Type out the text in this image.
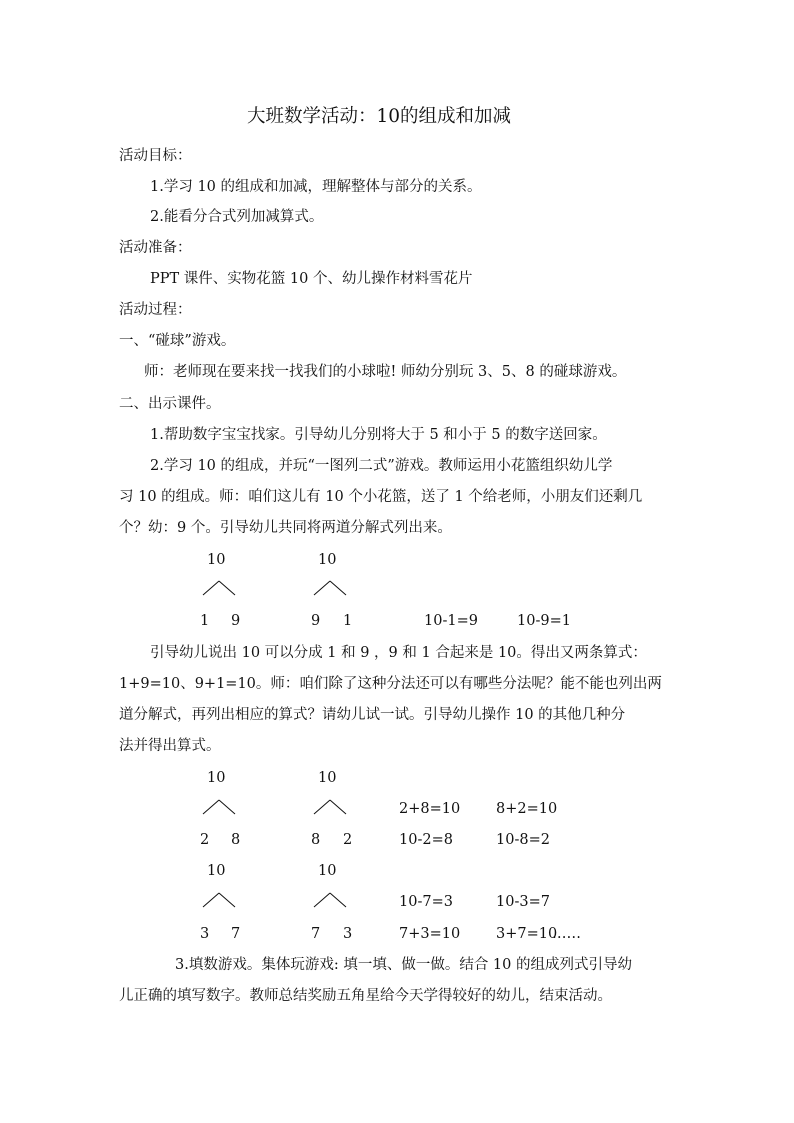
大班数学活动：10的组成和加减
活动目标：
1.学习 10 的组成和加减，理解整体与部分的关系。
2.能看分合式列加减算式。
活动准备：
PPT 课件、实物花篮 10 个、幼儿操作材料雪花片
活动过程：
一、“碰球”游戏。
师：老师现在要来找一找我们的小球啦! 师幼分别玩 3、5、8 的碰球游戏。
二、出示课件。
1.帮助数字宝宝找家。引导幼儿分别将大于 5 和小于 5 的数字送回家。
2.学习 10 的组成，并玩“一图列二式”游戏。教师运用小花篮组织幼儿学
习 10 的组成。师：咱们这儿有 10 个小花篮，送了 1 个给老师，小朋友们还剩几
个？幼：9 个。引导幼儿共同将两道分解式列出来。
10	10
1 9	9 1	10-1=9	10-9=1
引导幼儿说出 10 可以分成 1 和 9 ，9 和 1 合起来是 10。得出又两条算式：
1+9=10、9+1=10。师：咱们除了这种分法还可以有哪些分法呢？能不能也列出两
道分解式，再列出相应的算式？请幼儿试一试。引导幼儿操作 10 的其他几种分
法并得出算式。
10	10
2+8=10 8+2=10
2 8	8 2	10-2=8	10-8=2
10	10
10-7=3	10-3=7
3 7	7 3	7+3=10 3+7=10
……
3.填数游戏。集体玩游戏: 填一填、做一做。结合 10 的组成列式引导幼
儿正确的填写数字。教师总结奖励五角星给今天学得较好的幼儿，结束活动。
